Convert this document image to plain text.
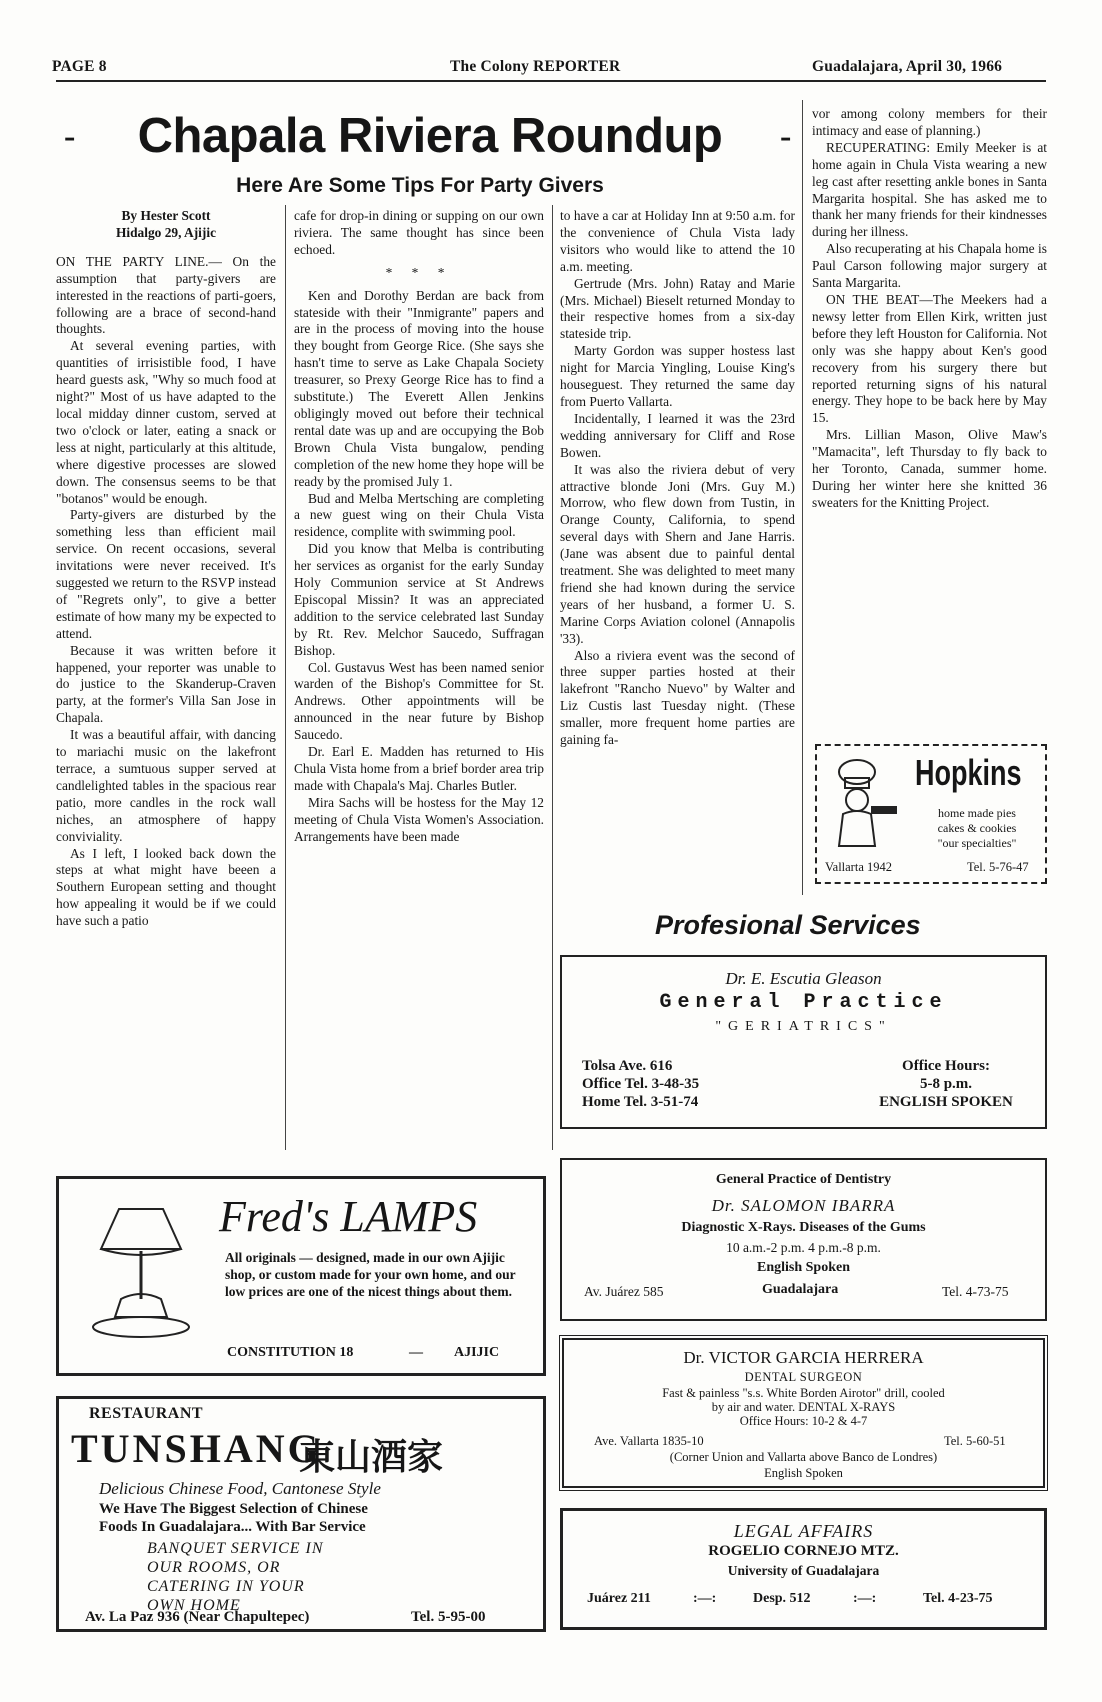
PAGE 8	The Colony REPORTER	Guadalajara, April 30, 1966
-	Chapala Riviera Roundup	-
Here Are Some Tips For Party Givers

By Hester Scott

Hidalgo 29, Ajijic

ON THE PARTY LINE.— On the assumption that party-givers are interested in the reactions of parti-goers, following are a brace of second-hand thoughts.

At several evening parties, with quantities of irrisistible food, I have heard guests ask, "Why so much food at night?" Most of us have adapted to the local midday dinner custom, served at two o'clock or later, eating a snack or less at night, particularly at this altitude, where digestive processes are slowed down. The consensus seems to be that "botanos" would be enough.

Party-givers are disturbed by the something less than efficient mail service. On recent occasions, several invitations were never received. It's suggested we return to the RSVP instead of "Regrets only", to give a better estimate of how many my be expected to attend.

Because it was written before it happened, your reporter was unable to do justice to the Skanderup-Craven party, at the former's Villa San Jose in Chapala.

It was a beautiful affair, with dancing to mariachi music on the lakefront terrace, a sumtuous supper served at candlelighted tables in the spacious rear patio, more candles in the rock wall niches, an atmosphere of happy conviviality.

As I left, I looked back down the steps at what might have beeen a Southern European setting and thought how appealing it would be if we could have such a patio

cafe for drop-in dining or supping on our own riviera. The same thought has since been echoed.

* * *

Ken and Dorothy Berdan are back from stateside with their "Inmigrante" papers and are in the process of moving into the house they bought from George Rice. (She says she hasn't time to serve as Lake Chapala Society treasurer, so Prexy George Rice has to find a substitute.) The Everett Allen Jenkins obligingly moved out before their technical rental date was up and are occupying the Bob Brown Chula Vista bungalow, pending completion of the new home they hope will be ready by the promised July 1.

Bud and Melba Mertsching are completing a new guest wing on their Chula Vista residence, complite with swimming pool.

Did you know that Melba is contributing her services as organist for the early Sunday Holy Communion service at St Andrews Episcopal Missin? It was an appreciated addition to the service celebrated last Sunday by Rt. Rev. Melchor Saucedo, Suffragan Bishop.

Col. Gustavus West has been named senior warden of the Bishop's Committee for St. Andrews. Other appointments will be announced in the near future by Bishop Saucedo.

Dr. Earl E. Madden has returned to His Chula Vista home from a brief border area trip made with Chapala's Maj. Charles Butler.

Mira Sachs will be hostess for the May 12 meeting of Chula Vista Women's Association. Arrangements have been made

to have a car at Holiday Inn at 9:50 a.m. for the convenience of Chula Vista lady visitors who would like to attend the 10 a.m. meeting.

Gertrude (Mrs. John) Ratay and Marie (Mrs. Michael) Bieselt returned Monday to their respective homes from a six-day stateside trip.

Marty Gordon was supper hostess last night for Marcia Yingling, Louise King's houseguest. They returned the same day from Puerto Vallarta.

Incidentally, I learned it was the 23rd wedding anniversary for Cliff and Rose Bowen.

It was also the riviera debut of very attractive blonde Joni (Mrs. Guy M.) Morrow, who flew down from Tustin, in Orange County, California, to spend several days with Shern and Jane Harris. (Jane was absent due to painful dental treatment. She was delighted to meet many friend she had known during the service years of her husband, a former U. S. Marine Corps Aviation colonel (Annapolis '33).

Also a riviera event was the second of three supper parties hosted at their lakefront "Rancho Nuevo" by Walter and Liz Custis last Tuesday night. (These smaller, more frequent home parties are gaining fa-

vor among colony members for their intimacy and ease of planning.)

RECUPERATING: Emily Meeker is at home again in Chula Vista wearing a new leg cast after resetting ankle bones in Santa Margarita hospital. She has asked me to thank her many friends for their kindnesses during her illness.

Also recuperating at his Chapala home is Paul Carson following major surgery at Santa Margarita.

ON THE BEAT—The Meekers had a newsy letter from Ellen Kirk, written just before they left Houston for California. Not only was she happy about Ken's good recovery from his surgery there but reported returning signs of his natural energy. They hope to be back here by May 15.

Mrs. Lillian Mason, Olive Maw's "Mamacita", left Thursday to fly back to her Toronto, Canada, summer home. During her winter here she knitted 36 sweaters for the Knitting Project.

Hopkins
home made pies
cakes & cookies
"our specialties"
Vallarta 1942	Tel. 5-76-47
Profesional Services
Dr. E. Escutia Gleason
General Practice
"GERIATRICS"
Tolsa Ave. 616
Office Tel. 3-48-35
Home Tel. 3-51-74
Office Hours:
5-8 p.m.
ENGLISH SPOKEN
Fred's LAMPS
All originals — designed, made in our own Ajijic shop, or custom made for your own home, and our low prices are one of the nicest things about them.
CONSTITUTION 18	— AJIJIC
General Practice of Dentistry
Dr. SALOMON IBARRA
Diagnostic X-Rays. Diseases of the Gums
10 a.m.-2 p.m. 4 p.m.-8 p.m.
English Spoken
Av. Juárez 585	Guadalajara	Tel. 4-73-75
Dr. VICTOR GARCIA HERRERA
DENTAL SURGEON
Fast & painless "s.s. White Borden Airotor" drill, cooled
by air and water. DENTAL X-RAYS
Office Hours: 10-2 & 4-7
Ave. Vallarta 1835-10	Tel. 5-60-51
(Corner Union and Vallarta above Banco de Londres)
English Spoken
RESTAURANT
TUNSHANG
東山酒家
Delicious Chinese Food, Cantonese Style
We Have The Biggest Selection of Chinese
Foods In Guadalajara... With Bar Service
BANQUET SERVICE IN
OUR ROOMS, OR
CATERING IN YOUR
OWN HOME
Av. La Paz 936 (Near Chapultepec)	Tel. 5-95-00
LEGAL AFFAIRS
ROGELIO CORNEJO MTZ.
University of Guadalajara
Juárez 211	:—:	Desp. 512	:—:	Tel. 4-23-75
